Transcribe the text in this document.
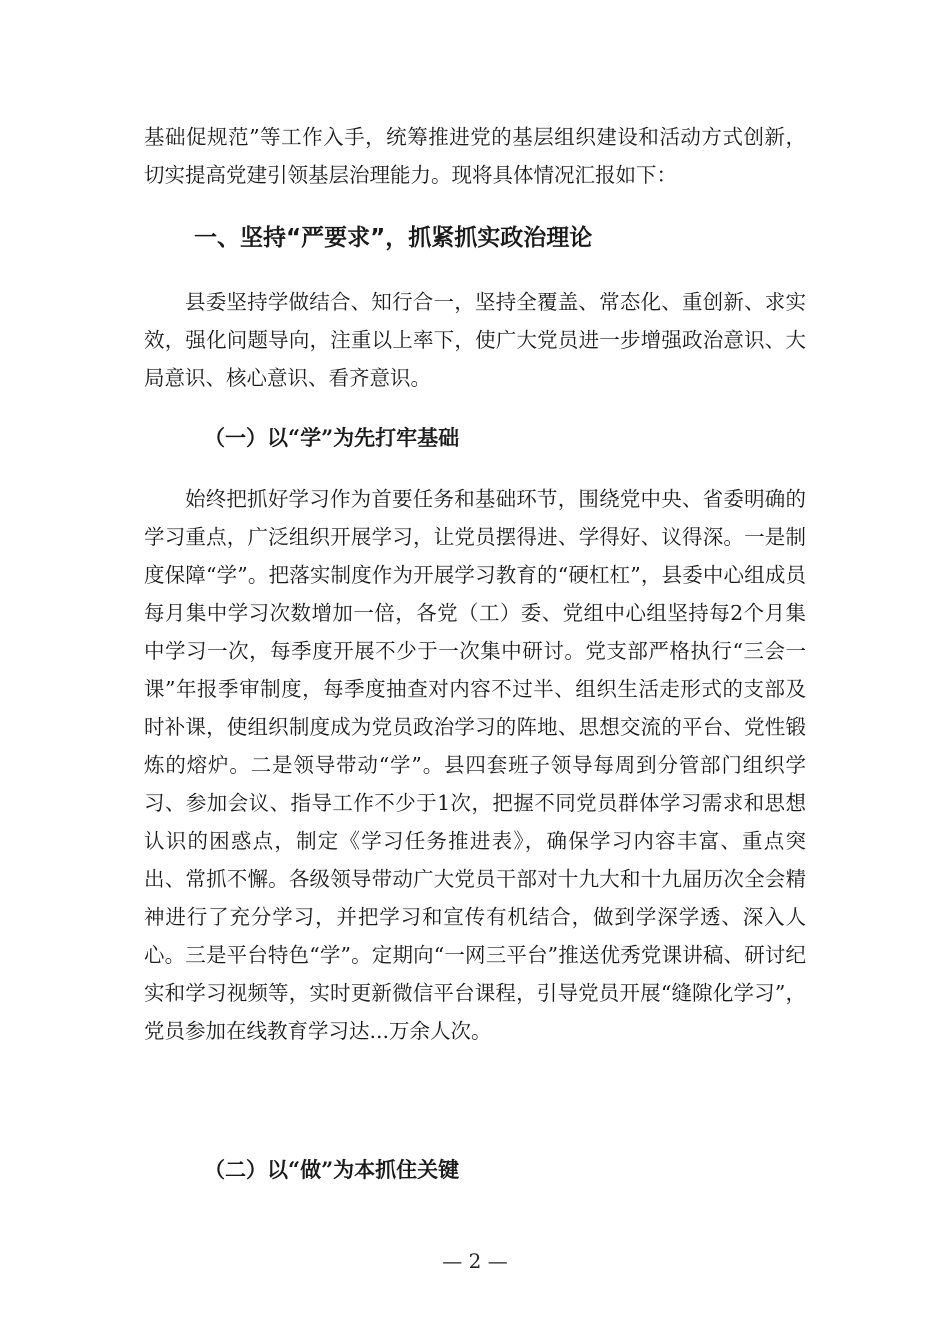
基础促规范”等工作入手，统筹推进党的基层组织建设和活动方式创新，切实提高党建引领基层治理能力。现将具体情况汇报如下：

一、坚持“严要求”，抓紧抓实政治理论

县委坚持学做结合、知行合一，坚持全覆盖、常态化、重创新、求实效，强化问题导向，注重以上率下，使广大党员进一步增强政治意识、大局意识、核心意识、看齐意识。

（一）以“学”为先打牢基础

始终把抓好学习作为首要任务和基础环节，围绕党中央、省委明确的学习重点，广泛组织开展学习，让党员摆得进、学得好、议得深。一是制度保障“学”。把落实制度作为开展学习教育的“硬杠杠”，县委中心组成员每月集中学习次数增加一倍，各党（工）委、党组中心组坚持每2个月集中学习一次，每季度开展不少于一次集中研讨。党支部严格执行“三会一课”年报季审制度，每季度抽查对内容不过半、组织生活走形式的支部及时补课，使组织制度成为党员政治学习的阵地、思想交流的平台、党性锻炼的熔炉。二是领导带动“学”。县四套班子领导每周到分管部门组织学习、参加会议、指导工作不少于1次，把握不同党员群体学习需求和思想认识的困惑点，制定《学习任务推进表》，确保学习内容丰富、重点突出、常抓不懈。各级领导带动广大党员干部对十九大和十九届历次全会精神进行了充分学习，并把学习和宣传有机结合，做到学深学透、深入人心。三是平台特色“学”。定期向“一网三平台”推送优秀党课讲稿、研讨纪实和学习视频等，实时更新微信平台课程，引导党员开展“缝隙化学习”，党员参加在线教育学习达...万余人次。

（二）以“做”为本抓住关键
— 2 —
